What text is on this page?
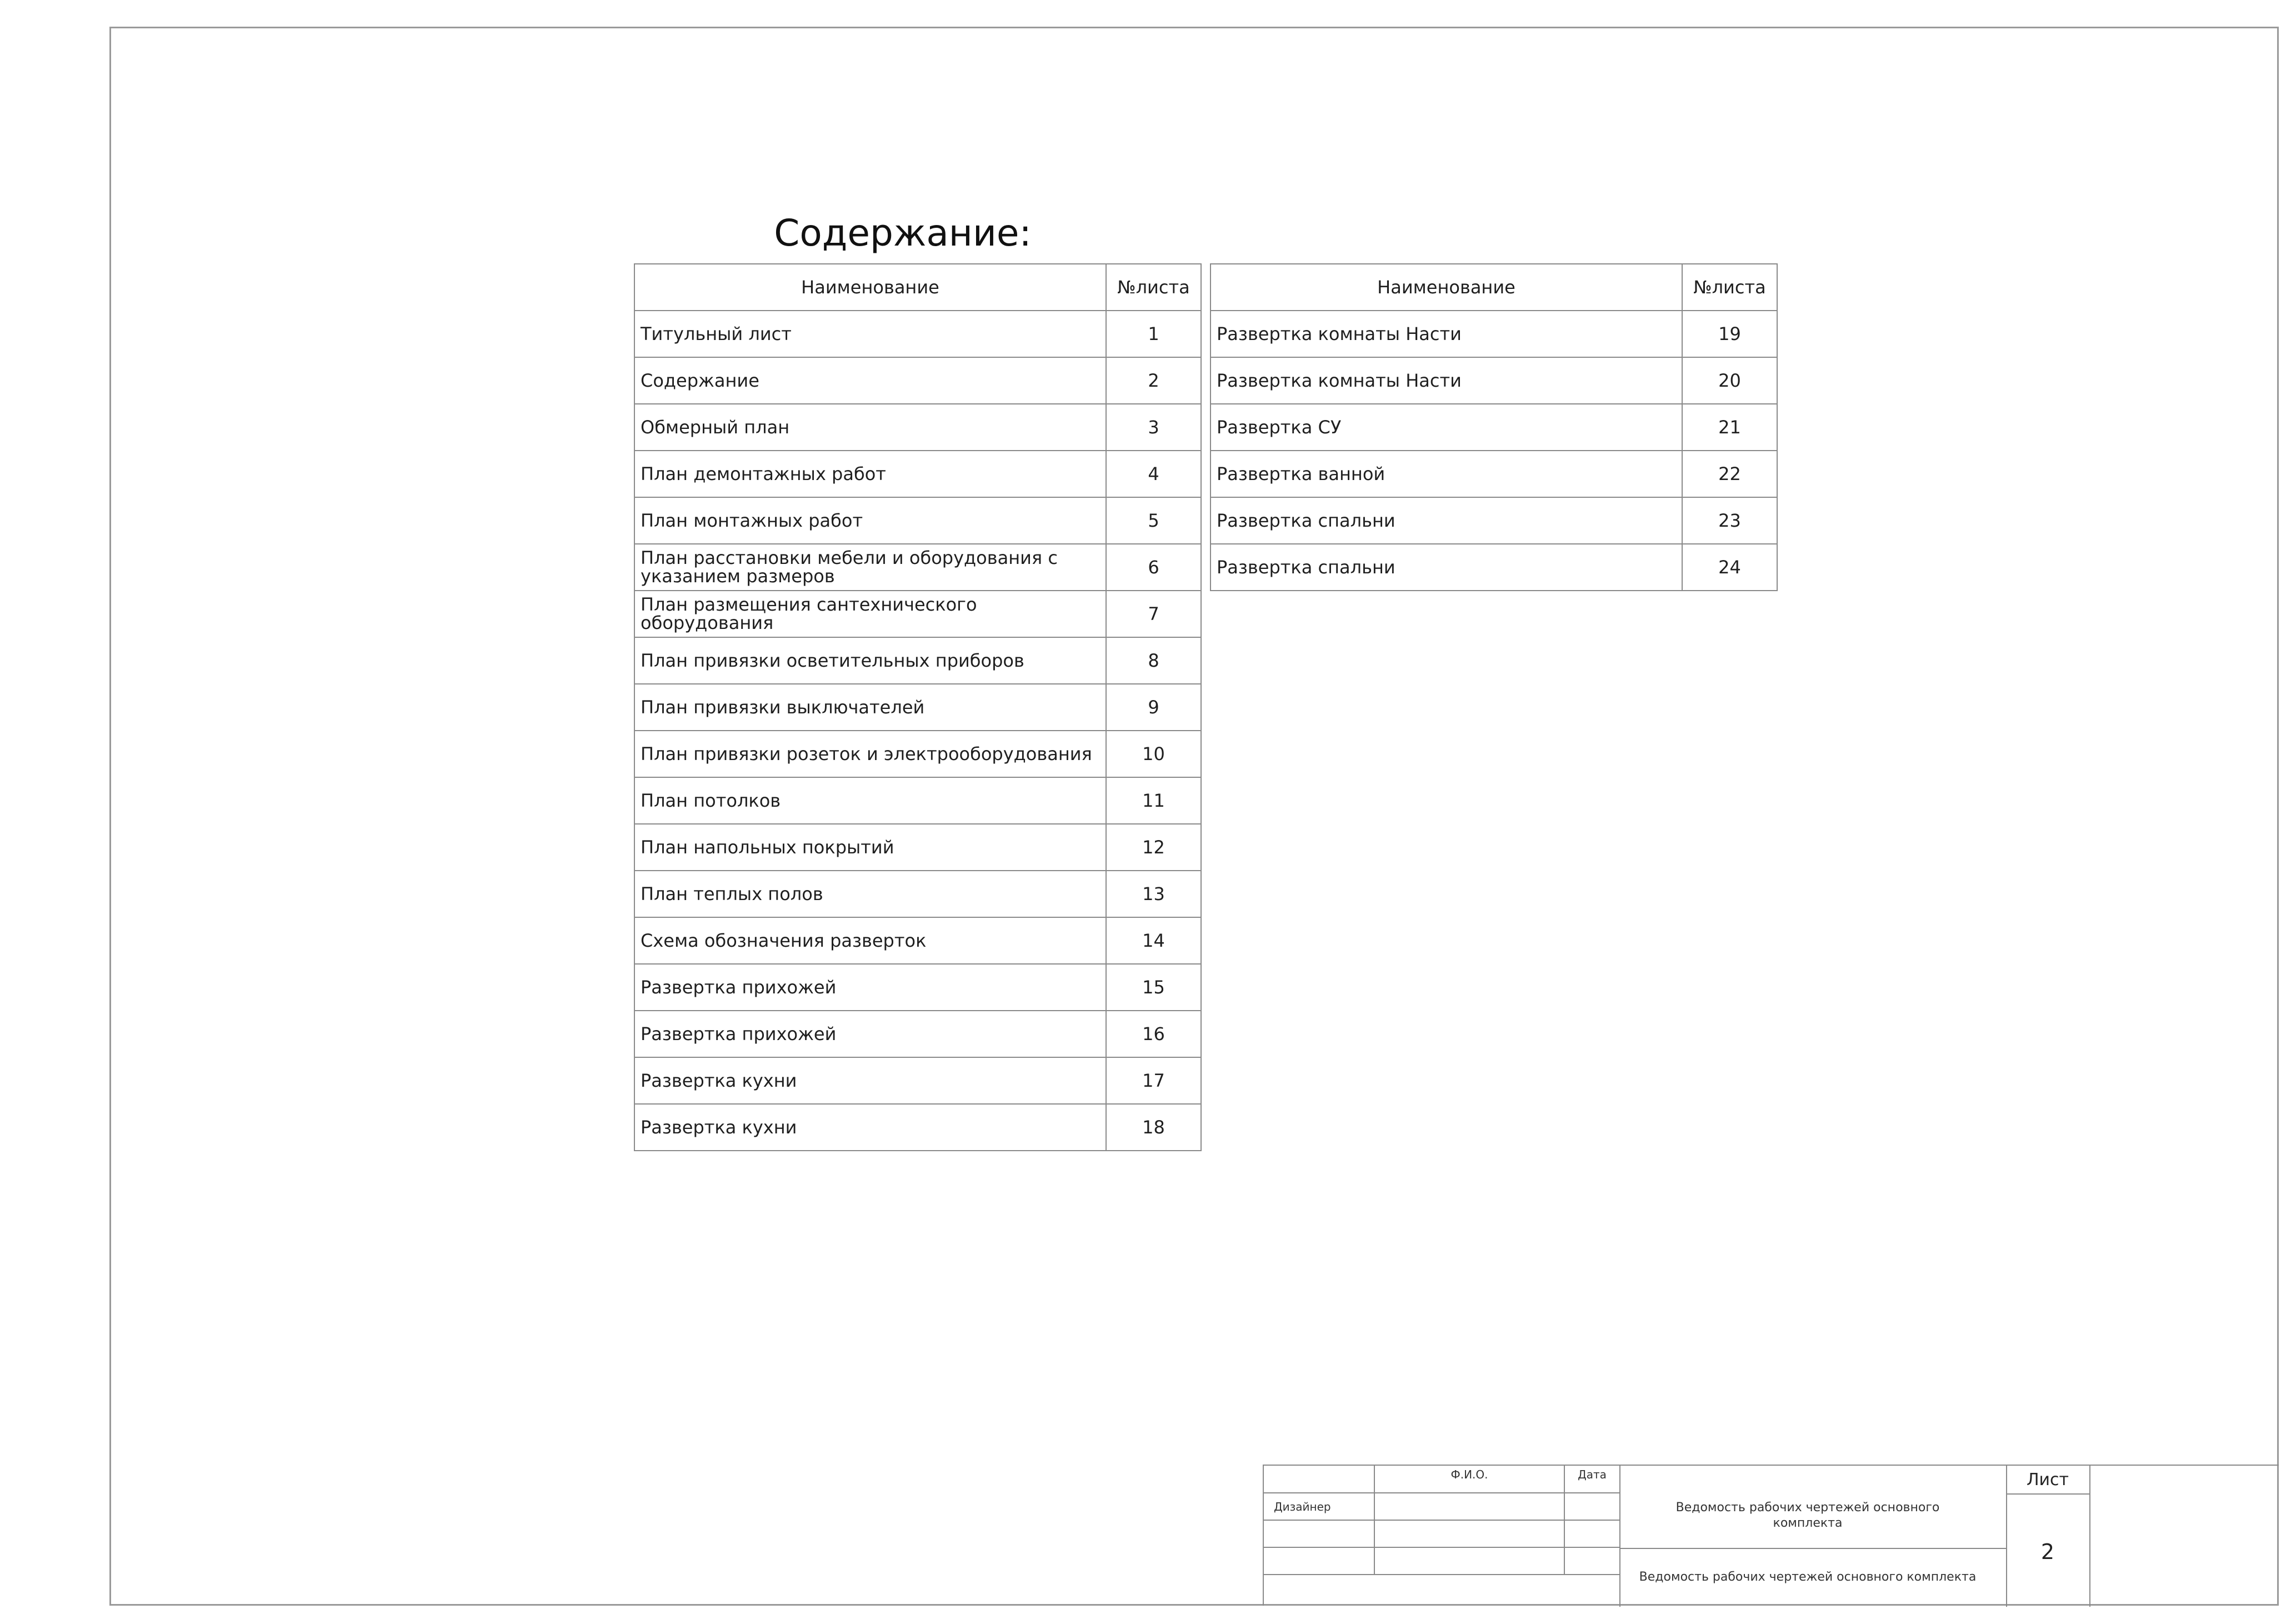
Содержание:
Наименование	№листа
Титульный лист	1
Содержание	2
Обмерный план	3
План демонтажных работ	4
План монтажных работ	5
План расстановки мебели и оборудования с указанием размеров	6
План размещения сантехнического оборудования	7
План привязки осветительных приборов	8
План привязки выключателей	9
План привязки розеток и электрооборудования	10
План потолков	11
План напольных покрытий	12
План теплых полов	13
Схема обозначения разверток	14
Развертка прихожей	15
Развертка прихожей	16
Развертка кухни	17
Развертка кухни	18
Наименование	№листа
Развертка комнаты Насти	19
Развертка комнаты Насти	20
Развертка СУ	21
Развертка ванной	22
Развертка спальни	23
Развертка спальни	24
Ф.И.О.	Дата
Дизайнер	Ведомость рабочих чертежей основного комплекта
Ведомость рабочих чертежей основного комплекта
Лист
2
